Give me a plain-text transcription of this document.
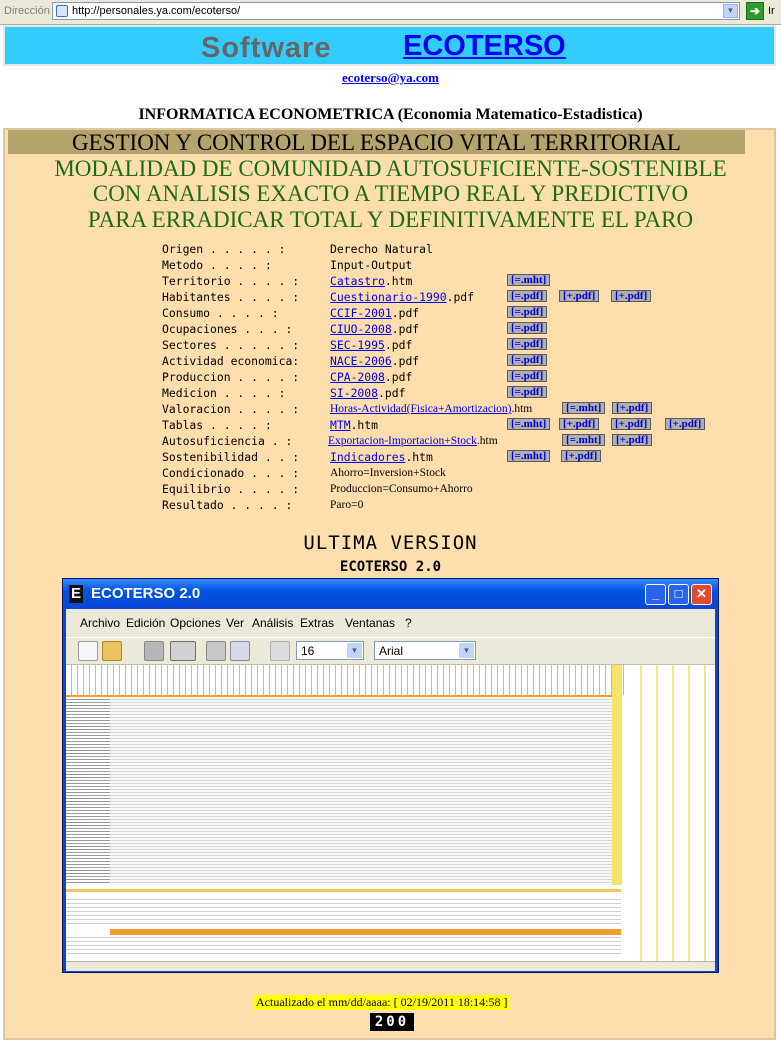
Dirección http://personales.ya.com/ecoterso/	▼	➔ Ir
Software ECOTERSO
ecoterso@ya.com
INFORMATICA ECONOMETRICA (Economia Matematico-Estadistica)
GESTION Y CONTROL DEL ESPACIO VITAL TERRITORIAL
MODALIDAD DE COMUNIDAD AUTOSUFICIENTE-SOSTENIBLE
CON ANALISIS EXACTO A TIEMPO REAL Y PREDICTIVO
PARA ERRADICAR TOTAL Y DEFINITIVAMENTE EL PARO
Origen . . . . . :	Derecho Natural
Metodo . . . . :	Input-Output
Territorio . . . . :	Catastro.htm	[=.mht]
Habitantes . . . . :	Cuestionario-1990.pdf	[=.pdf]	[+.pdf]	[+.pdf]
Consumo . . . . :	CCIF-2001.pdf	[=.pdf]
Ocupaciones . . . :	CIUO-2008.pdf	[=.pdf]
Sectores . . . . . :	SEC-1995.pdf	[=.pdf]
Actividad economica:	NACE-2006.pdf	[=.pdf]
Produccion . . . . :	CPA-2008.pdf	[=.pdf]
Medicion . . . . :	SI-2008.pdf	[=.pdf]
Valoracion . . . . :	Horas-Actividad(Fisica+Amortizacion).htm	[=.mht]	[+.pdf]
Tablas . . . . :	MTM.htm	[=.mht]	[+.pdf]	[+.pdf]	[+.pdf]
Autosuficiencia . :	Exportacion-Importacion+Stock.htm	[=.mht]	[+.pdf]
Sostenibilidad . . :	Indicadores.htm	[=.mht]	[+.pdf]
Condicionado . . . :	Ahorro=Inversion+Stock
Equilibrio . . . . :	Produccion=Consumo+Ahorro
Resultado . . . . :	Paro=0
ULTIMA VERSION
ECOTERSO 2.0
E ECOTERSO 2.0	_	□	✕
Archivo Edición Opciones Ver Análisis Extras Ventanas ?
16	▼ Arial	▼
Actualizado el mm/dd/aaaa: [ 02/19/2011 18:14:58 ]
200
